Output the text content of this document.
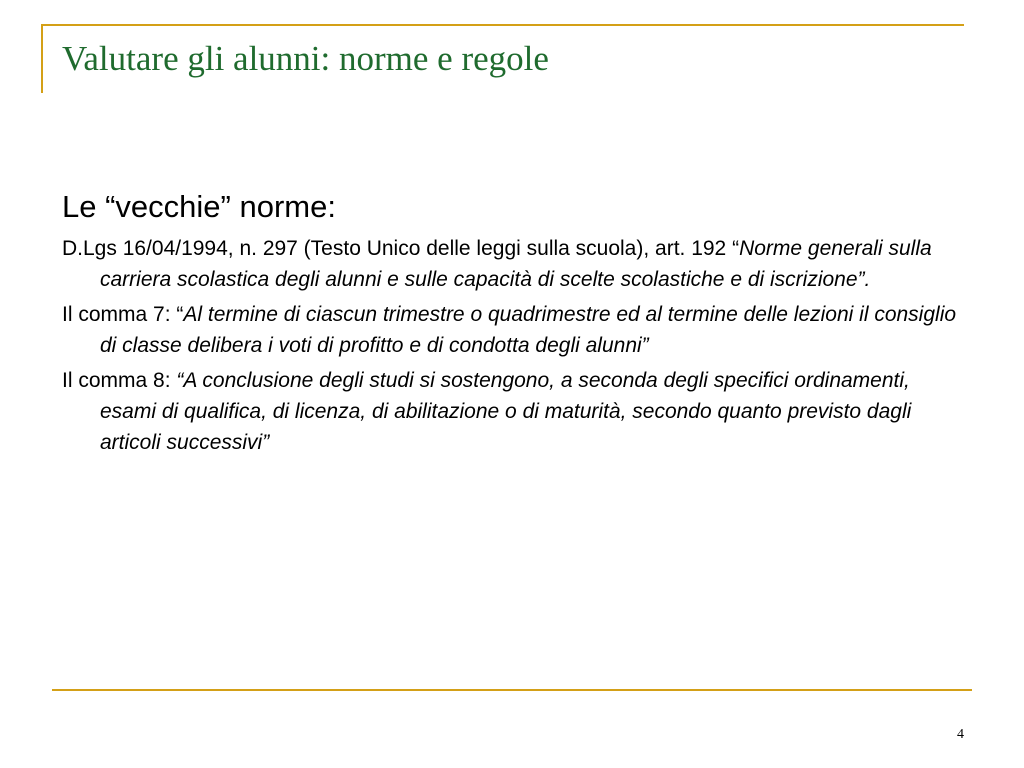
Valutare gli alunni: norme e regole

Le “vecchie” norme:

D.Lgs 16/04/1994, n. 297 (Testo Unico delle leggi sulla scuola), art. 192 “Norme generali sulla carriera scolastica degli alunni e sulle capacità di scelte scolastiche e di iscrizione”.

Il comma 7: “Al termine di ciascun trimestre o quadrimestre ed al termine delle lezioni il consiglio di classe delibera i voti di profitto e di condotta degli alunni”

Il comma 8: “A conclusione degli studi si sostengono, a seconda degli specifici ordinamenti, esami di qualifica, di licenza, di abilitazione o di maturità, secondo quanto previsto dagli articoli successivi”

4
